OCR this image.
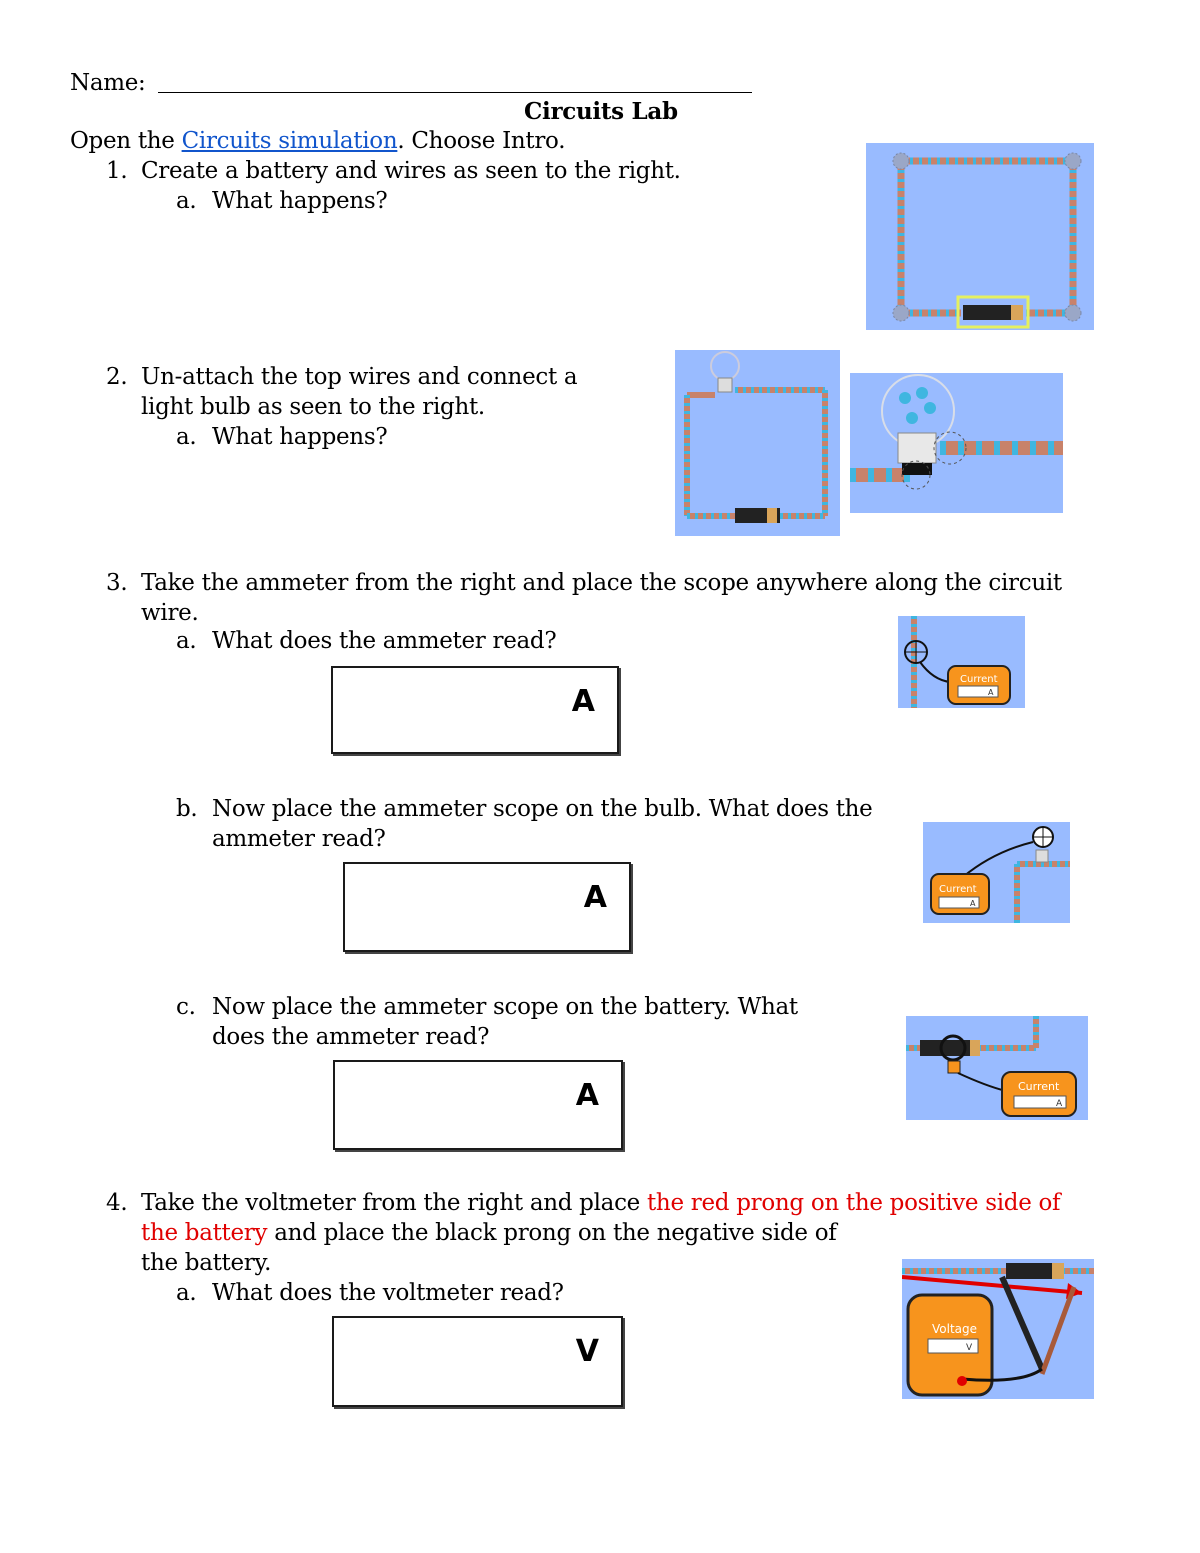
Name:
Circuits Lab
Open the Circuits simulation. Choose Intro.
1. Create a battery and wires as seen to the right.
a. What happens?
2. Un-attach the top wires and connect a
light bulb as seen to the right.
a. What happens?
3. Take the ammeter from the right and place the scope anywhere along the circuit
wire.
a. What does the ammeter read?
A
Current
A
b. Now place the ammeter scope on the bulb. What does the
ammeter read?
A	Current
A
c. Now place the ammeter scope on the battery. What
does the ammeter read?
A	Current
A
4. Take the voltmeter from the right and place the red prong on the positive side of
the battery and place the black prong on the negative side of
the battery.
a. What does the voltmeter read?
V
Voltage
V
